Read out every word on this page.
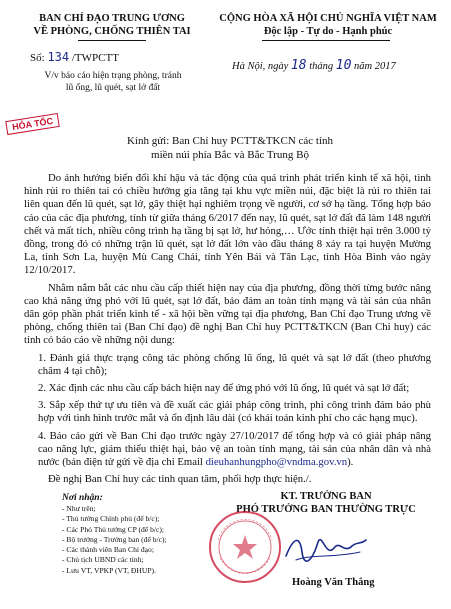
BAN CHỈ ĐẠO TRUNG ƯƠNG
VỀ PHÒNG, CHỐNG THIÊN TAI
Số: 134 /TWPCTT
V/v báo cáo hiện trạng phòng, tránh
lũ ống, lũ quét, sạt lở đất
CỘNG HÒA XÃ HỘI CHỦ NGHĨA VIỆT NAM
Độc lập - Tự do - Hạnh phúc
Hà Nội, ngày 18 tháng 10 năm 2017
HỎA TỐC
Kính gửi: Ban Chỉ huy PCTT&TKCN các tỉnh
miền núi phía Bắc và Bắc Trung Bộ

Do ảnh hưởng biến đổi khí hậu và tác động của quá trình phát triển kinh tế xã hội, tình hình rủi ro thiên tai có chiều hướng gia tăng tại khu vực miền núi, đặc biệt là rủi ro thiên tai liên quan đến lũ quét, sạt lở, gây thiệt hại nghiêm trọng về người, cơ sở hạ tầng. Tổng hợp báo cáo của các địa phương, tính từ giữa tháng 6/2017 đến nay, lũ quét, sạt lở đất đã làm 148 người chết và mất tích, nhiều công trình hạ tầng bị sạt lở, hư hỏng,… Ước tính thiệt hại trên 3.000 tỷ đồng, trong đó có những trận lũ quét, sạt lở đất lớn vào đầu tháng 8 xảy ra tại huyện Mường La, tỉnh Sơn La, huyện Mù Cang Chải, tỉnh Yên Bái và Tân Lạc, tỉnh Hòa Bình vào ngày 12/10/2017.

Nhằm nắm bắt các nhu cầu cấp thiết hiện nay của địa phương, đồng thời từng bước nâng cao khả năng ứng phó với lũ quét, sạt lở đất, bảo đảm an toàn tính mạng và tài sản của nhân dân góp phần phát triển kinh tế - xã hội bền vững tại địa phương, Ban Chỉ đạo Trung ương về phòng, chống thiên tai (Ban Chỉ đạo) đề nghị Ban Chỉ huy PCTT&TKCN (Ban Chỉ huy) các tỉnh có báo cáo về những nội dung:

1. Đánh giá thực trạng công tác phòng chống lũ ống, lũ quét và sạt lở đất (theo phương châm 4 tại chỗ);

2. Xác định các nhu cầu cấp bách hiện nay để ứng phó với lũ ống, lũ quét và sạt lở đất;

3. Sắp xếp thứ tự ưu tiên và đề xuất các giải pháp công trình, phi công trình đảm bảo phù hợp với tình hình trước mắt và ổn định lâu dài (có khái toán kinh phí cho các hạng mục).

4. Báo cáo gửi về Ban Chỉ đạo trước ngày 27/10/2017 để tổng hợp và có giải pháp nâng cao năng lực, giảm thiểu thiệt hại, bảo vệ an toàn tính mạng, tài sản của nhân dân và nhà nước (bản điện tử gửi về địa chỉ Email dieuhanhungpho@vndma.gov.vn).

Đề nghị Ban Chỉ huy các tỉnh quan tâm, phối hợp thực hiện./.

Nơi nhận:
- Như trên;
- Thủ tướng Chính phủ (để b/c);
- Các Phó Thủ tướng CP (để b/c);
- Bộ trưởng - Trưởng ban (để b/c);
- Các thành viên Ban Chỉ đạo;
- Chủ tịch UBND các tỉnh;
- Lưu VT, VPKP (VT, ĐHUP).
KT. TRƯỞNG BAN
PHÓ TRƯỞNG BAN THƯỜNG TRỰC
Hoàng Văn Thắng
